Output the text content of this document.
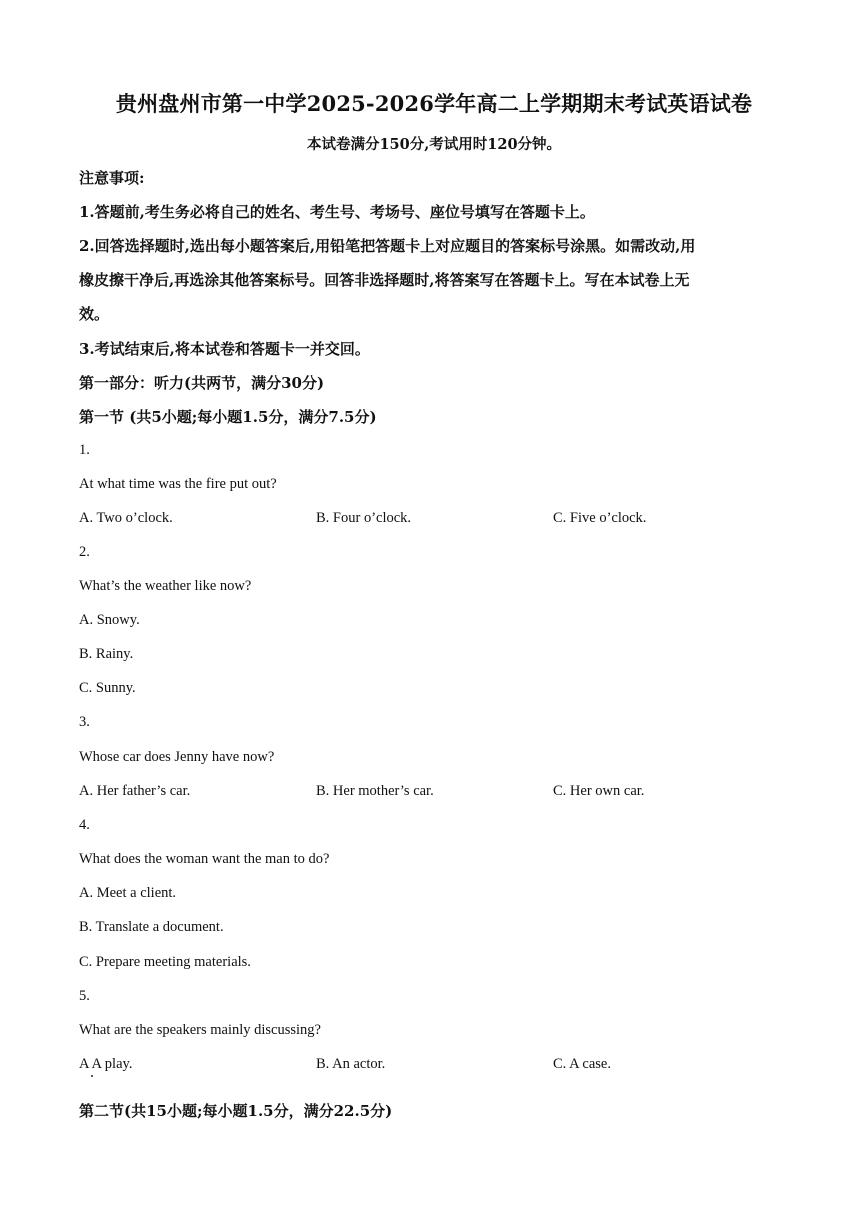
贵州盘州市第一中学2025-2026学年高二上学期期末考试英语试卷
本试卷满分150分,考试用时120分钟。
注意事项:
1.答题前,考生务必将自己的姓名、考生号、考场号、座位号填写在答题卡上。
2.回答选择题时,选出每小题答案后,用铅笔把答题卡上对应题目的答案标号涂黑。如需改动,用
橡皮擦干净后,再选涂其他答案标号。回答非选择题时,将答案写在答题卡上。写在本试卷上无
效。
3.考试结束后,将本试卷和答题卡一并交回。
第一部分：听力(共两节，满分30分)
第一节 (共5小题;每小题1.5分，满分7.5分)
1.
At what time was the fire put out?
A. Two o’clock.	B. Four o’clock.	C. Five o’clock.
2.
What’s the weather like now?
A. Snowy.
B. Rainy.
C. Sunny.
3.
Whose car does Jenny have now?
A. Her father’s car.	B. Her mother’s car.	C. Her own car.
4.
What does the woman want the man to do?
A. Meet a client.
B. Translate a document.
C. Prepare meeting materials.
5.
What are the speakers mainly discussing?
A A play.	B. An actor.	C. A case.
第二节(共15小题;每小题1.5分，满分22.5分)
